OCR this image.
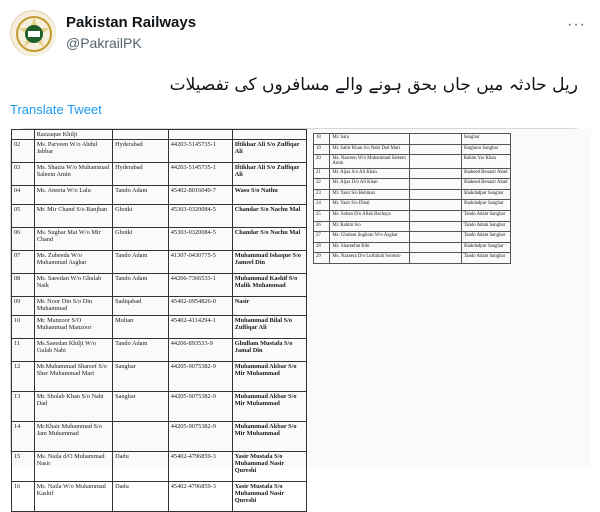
Pakistan Railways
@PakrailPK
···
ریل حادثہ میں جاں بحق ہونے والے مسافروں کی تفصیلات
Translate Tweet
	Razzaque Khilji			
02	Ms. Parveen W/o Abdul Jabbar	Hyderabad	44203-5145735-1	Iftikhar Ali S/o Zulfiqar Ali
03	Ms. Shazia W/o Muhammad Saleem Amin	Hyderabad	44203-5145735-1	Iftikhar Ali S/o Zulfiqar Ali
04	Ms. Aneeta W/o Lalu	Tando Adam	45402-8016040-7	Waso S/o Nathu
05	Mr. Mir Chand S/o Ranjhan	Ghotki	45303-0320084-5	Chandar S/o Nachu Mal
06	Ms. Sughar Mai W/o Mir Chand	Ghotki	45303-0320084-5	Chandar S/o Nachu Mal
07	Ms. Zubeeda W/o Muhammad Asghar	Tando Adam	41307-0430775-5	Muhammad Ishaque S/o Jameel Din
08	Ms. Saeedan W/o Ghulab Naik	Tando Adam	44206-7366533-1	Muhammad Kashif S/o Malik Muhammad
09	Mr. Noor Din S/o Din Muhammad	Sadiqabad	45402-0954826-0	Nasir
10	Mr. Manzoor S/O Muhammad Manzoor	Multan	45402-4114294-1	Muhammad Bilal S/o Zulfiqar Ali
11	Ms.Saeedan Khilji W/o Gulab Nabi	Tando Adam	44206-893533-9	Ghullam Mustafa S/o Jamal Din
12	Mr.Muhammad Shareef S/o Sher Muhammad Mari	Sanghar	44205-9075382-9	Muhammad Akbar S/o Mir Muhammad
13	Mr. Sholab Khan S/o Nabi Dad	Sanghar	44205-9075382-9	Muhammad Akbar S/o Mir Muhammad
14	Mr.Khair Muhammad S/o Jam Muhammad		44205-9075382-9	Muhammad Akbar S/o Mir Muhammad
15	Ms. Naila d/O Muhammad Nasir	Dadu	45402-4796859-3	Yasir Mustafa S/o Muhammad Nasir Qureshi
16	Ms. Naila W/o Muhammad Kashif	Dadu	45402-4796859-3	Yasir Mustafa S/o Muhammad Nasir Qureshi
18	Mr. Sara		Sanghar
19	Mr. Sabir Khan S/o Nabi Dad Mari		Singhoro Sanghar
20	Ms. Nasreen W/o Muhammad Saleem Amin		Rahim Yar Khan
21	Mr. Aijaz S/o Ali Khan		Shaheed Benazir Abad
22	Mr. Aijaz D/o Ali Khan		Shaheed Benazir Abad
23	Mr. Yasir S/o Rehman		Shahdadpur Sanghar
24	Mr. Yasir S/o Dinal		Shahdadpur Sanghar
25	Ms. Sohan D/o Allah Bachaya		Tando Adam Sanghar
26	Mr. Rahim S/o		Tando Adam Sanghar
27	Ms. Ghulam Sughran W/o Asghar		Tando Adam Sanghar
28	Ms. Shareefan Bibi		Shahdadpur Sanghar
29	Ms. Nazeera D/o Lutfullah Soomro		Tando Adam Sanghar
